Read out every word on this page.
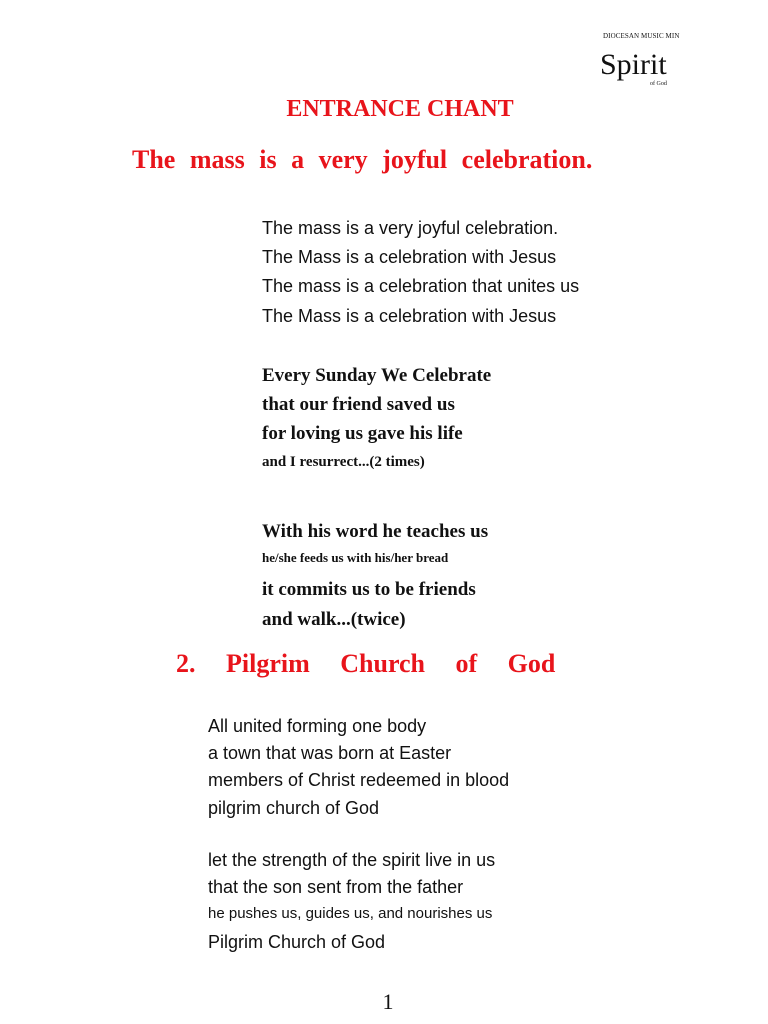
DIOCESAN MUSIC MIN
Spirit
of God
ENTRANCE CHANT
The mass is a very joyful celebration.
The mass is a very joyful celebration.
The Mass is a celebration with Jesus
The mass is a celebration that unites us
The Mass is a celebration with Jesus
Every Sunday We Celebrate
that our friend saved us
for loving us gave his life
and I resurrect...(2 times)
With his word he teaches us
he/she feeds us with his/her bread
it commits us to be friends
and walk...(twice)
2. Pilgrim Church of God
All united forming one body
a town that was born at Easter
members of Christ redeemed in blood
pilgrim church of God
let the strength of the spirit live in us
that the son sent from the father
he pushes us, guides us, and nourishes us
Pilgrim Church of God
1
